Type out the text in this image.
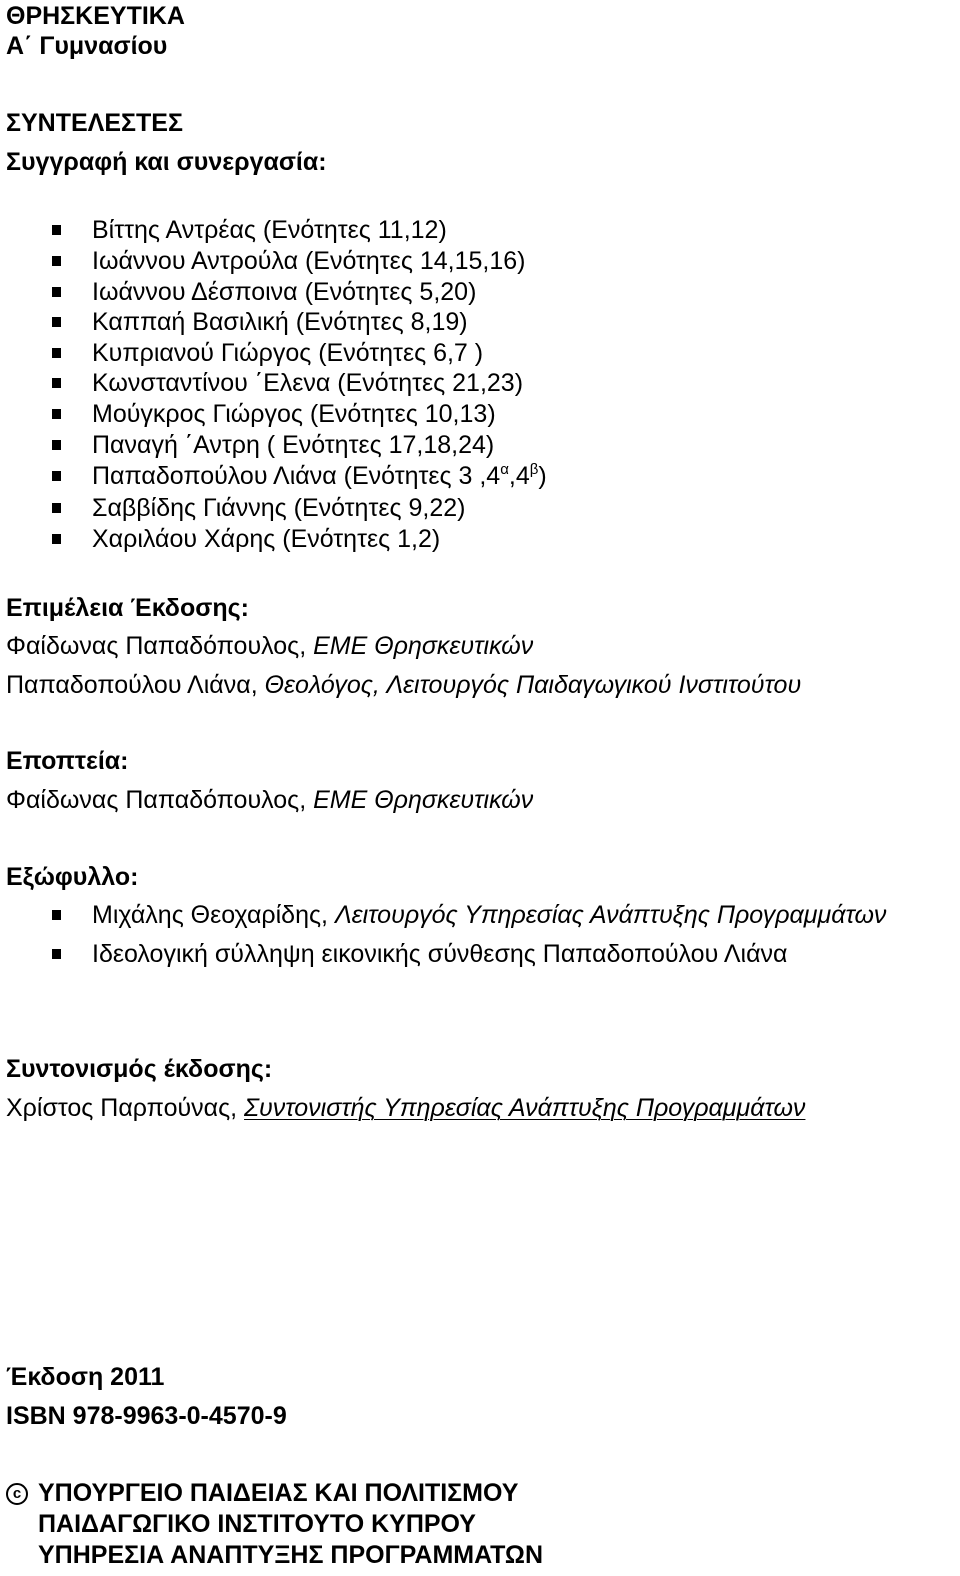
ΘΡΗΣΚΕΥΤΙΚΑ
Α΄ Γυμνασίου
ΣΥΝΤΕΛΕΣΤΕΣ
Συγγραφή και συνεργασία:
Βίττης Αντρέας (Ενότητες 11,12)
Ιωάννου Αντρούλα (Ενότητες 14,15,16)
Ιωάννου Δέσποινα (Ενότητες 5,20)
Καππαή Βασιλική (Ενότητες 8,19)
Κυπριανού Γιώργος (Ενότητες 6,7 )
Κωνσταντίνου ΄Ελενα (Ενότητες 21,23)
Μούγκρος Γιώργος (Ενότητες 10,13)
Παναγή ΄Αντρη ( Ενότητες 17,18,24)
Παπαδοπούλου Λιάνα (Ενότητες 3 $,4^\alpha,4^\beta$)
Σαββίδης Γιάννης (Ενότητες 9,22)
Χαριλάου Χάρης (Ενότητες 1,2)
Επιμέλεια Έκδοσης:
Φαίδωνας Παπαδόπουλος, ΕΜΕ Θρησκευτικών
Παπαδοπούλου Λιάνα, Θεολόγος, Λειτουργός Παιδαγωγικού Ινστιτούτου
Εποπτεία:
Φαίδωνας Παπαδόπουλος, ΕΜΕ Θρησκευτικών
Εξώφυλλο:
Μιχάλης Θεοχαρίδης, Λειτουργός Υπηρεσίας Ανάπτυξης Προγραμμάτων
Ιδεολογική σύλληψη εικονικής σύνθεσης Παπαδοπούλου Λιάνα
Συντονισμός έκδοσης:
Χρίστος Παρπούνας, Συντονιστής Υπηρεσίας Ανάπτυξης Προγραμμάτων
Έκδοση 2011
ISBN 978-9963-0-4570-9
c ΥΠΟΥΡΓΕΙΟ ΠΑΙΔΕΙΑΣ ΚΑΙ ΠΟΛΙΤΙΣΜΟΥ
ΠΑΙΔΑΓΩΓΙΚΟ ΙΝΣΤΙΤΟΥΤΟ ΚΥΠΡΟΥ
ΥΠΗΡΕΣΙΑ ΑΝΑΠΤΥΞΗΣ ΠΡΟΓΡΑΜΜΑΤΩΝ
